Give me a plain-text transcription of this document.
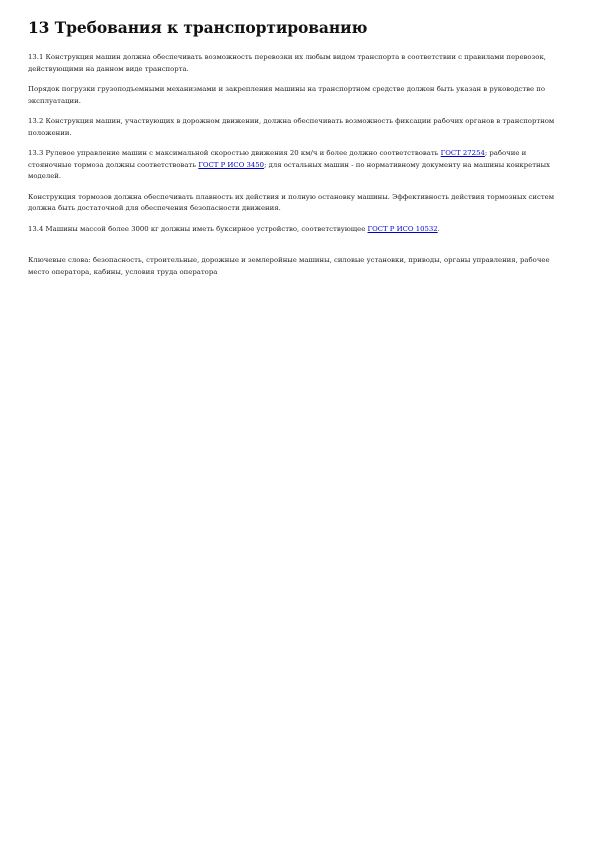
13 Требования к транспортированию

13.1 Конструкция машин должна обеспечивать возможность перевозки их любым видом транспорта в соответствии с правилами перевозок, действующими на данном виде транспорта.

Порядок погрузки грузоподъемными механизмами и закрепления машины на транспортном средстве должен быть указан в руководстве по эксплуатации.

13.2 Конструкция машин, участвующих в дорожном движении, должна обеспечивать возможность фиксации рабочих органов в транспортном положении.

13.3 Рулевое управление машин с максимальной скоростью движения 20 км/ч и более должно соответствовать ГОСТ 27254; рабочие и стояночные тормоза должны соответствовать ГОСТ Р ИСО 3450; для остальных машин - по нормативному документу на машины конкретных моделей.

Конструкция тормозов должна обеспечивать плавность их действия и полную остановку машины. Эффективность действия тормозных систем должна быть достаточной для обеспечения безопасности движения.

13.4 Машины массой более 3000 кг должны иметь буксирное устройство, соответствующее ГОСТ Р ИСО 10532.

Ключевые слова: безопасность, строительные, дорожные и землеройные машины, силовые установки, приводы, органы управления, рабочее место оператора, кабины, условия труда оператора
